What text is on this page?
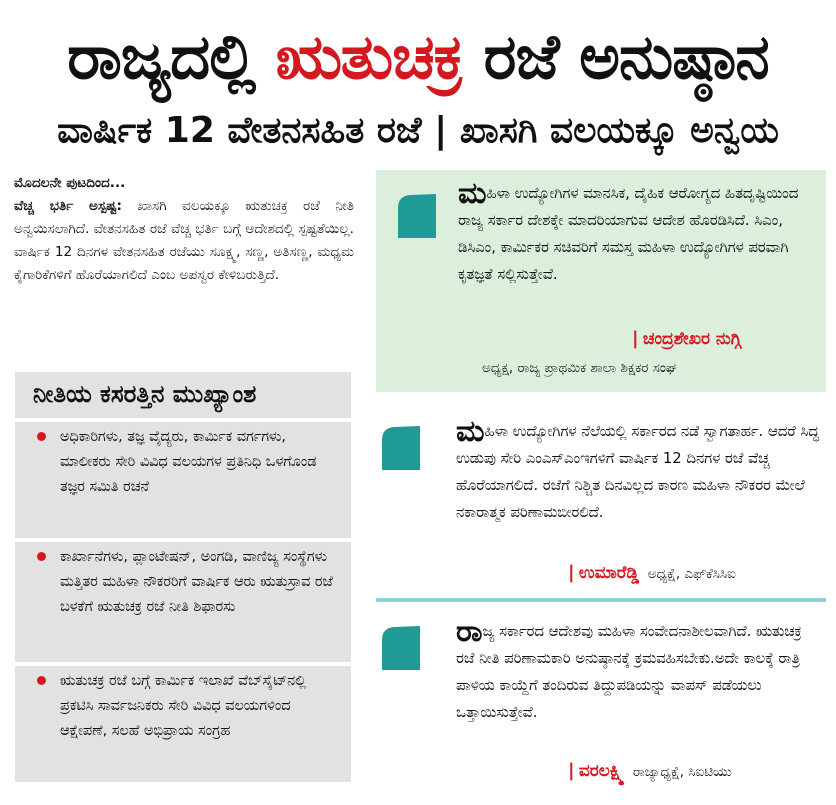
ರಾಜ್ಯದಲ್ಲಿ
ಋತುಚಕ್ರ
ರಜೆ ಅನುಷ್ಠಾನ
ವಾರ್ಷಿಕ 12 ವೇತನಸಹಿತ ರಜೆ | ಖಾಸಗಿ ವಲಯಕ್ಕೂ ಅನ್ವಯ
ಮೊದಲನೇ ಪುಟದಿಂದ...
ವೆಚ್ಚ ಭರ್ತಿ ಅಸ್ಪಷ್ಟ: ಖಾಸಗಿ ವಲಯಕ್ಕೂ ಋತುಚಕ್ರ ರಜೆ ನೀತಿ ಅನ್ವಯಿಸಲಾಗಿದೆ. ವೇತನಸಹಿತ ರಜೆ ವೆಚ್ಚ ಭರ್ತಿ ಬಗ್ಗೆ ಆದೇಶದಲ್ಲಿ ಸ್ಪಷ್ಟತೆಯಿಲ್ಲ. ವಾರ್ಷಿಕ 12 ದಿನಗಳ ವೇತನಸಹಿತ ರಜೆಯು ಸೂಕ್ಷ್ಮ, ಸಣ್ಣ, ಅತಿಸಣ್ಣ, ಮಧ್ಯಮ ಕೈಗಾರಿಕೆಗಳಿಗೆ ಹೊರೆಯಾಗಲಿದೆ ಎಂಬ ಅಪಸ್ವರ ಕೇಳಿಬರುತ್ತಿದೆ.
ನೀತಿಯ ಕಸರತ್ತಿನ ಮುಖ್ಯಾಂಶ
ಅಧಿಕಾರಿಗಳು, ತಜ್ಞ ವೈದ್ಯರು, ಕಾರ್ಮಿಕ ವರ್ಗಗಳು, ಮಾಲೀಕರು ಸೇರಿ ವಿವಿಧ ವಲಯಗಳ ಪ್ರತಿನಿಧಿ ಒಳಗೊಂಡ ತಜ್ಞರ ಸಮಿತಿ ರಚನೆ
ಕಾರ್ಖಾನೆಗಳು, ಪ್ಲಾಂಟೇಷನ್, ಅಂಗಡಿ, ವಾಣಿಜ್ಯ ಸಂಸ್ಥೆಗಳು ಮತ್ತಿತರ ಮಹಿಳಾ ನೌಕರರಿಗೆ ವಾರ್ಷಿಕ ಆರು ಋತುಸ್ರಾವ ರಜೆ ಬಳಕೆಗೆ ಋತುಚಕ್ರ ರಜೆ ನೀತಿ ಶಿಫಾರಸು
ಋತುಚಕ್ರ ರಜೆ ಬಗ್ಗೆ ಕಾರ್ಮಿಕ ಇಲಾಖೆ ವೆಬ್‌ಸೈಟ್‌ನಲ್ಲಿ ಪ್ರಕಟಿಸಿ ಸಾರ್ವಜನಿಕರು ಸೇರಿ ವಿವಿಧ ವಲಯಗಳಿಂದ ಆಕ್ಷೇಪಣೆ, ಸಲಹೆ ಅಭಿಪ್ರಾಯ ಸಂಗ್ರಹ
ಮಹಿಳಾ ಉದ್ಯೋಗಿಗಳ ಮಾನಸಿಕ, ದೈಹಿಕ ಆರೋಗ್ಯದ ಹಿತದೃಷ್ಟಿಯಿಂದ ರಾಜ್ಯ ಸರ್ಕಾರ ದೇಶಕ್ಕೇ ಮಾದರಿಯಾಗುವ ಆದೇಶ ಹೊರಡಿಸಿದೆ. ಸಿಎಂ, ಡಿಸಿಎಂ, ಕಾರ್ಮಿಕರ ಸಚಿವರಿಗೆ ಸಮಸ್ತ ಮಹಿಳಾ ಉದ್ಯೋಗಿಗಳ ಪರವಾಗಿ ಕೃತಜ್ಞತೆ ಸಲ್ಲಿಸುತ್ತೇವೆ.
| ಚಂದ್ರಶೇಖರ ನುಗ್ಗಿ
ಅಧ್ಯಕ್ಷ, ರಾಜ್ಯ ಪ್ರಾಥಮಿಕ ಶಾಲಾ ಶಿಕ್ಷಕರ ಸಂಘ
ಮಹಿಳಾ ಉದ್ಯೋಗಿಗಳ ನೆಲೆಯಲ್ಲಿ ಸರ್ಕಾರದ ನಡೆ ಸ್ವಾಗತಾರ್ಹ. ಆದರೆ ಸಿದ್ಧ ಉಡುಪು ಸೇರಿ ಎಂಎಸ್‌ಎಂಇಗಳಿಗೆ ವಾರ್ಷಿಕ 12 ದಿನಗಳ ರಜೆ ವೆಚ್ಚ ಹೊರೆಯಾಗಲಿದೆ. ರಜೆಗೆ ನಿಶ್ಚಿತ ದಿನವಿಲ್ಲದ ಕಾರಣ ಮಹಿಳಾ ನೌಕರರ ಮೇಲೆ ನಕಾರಾತ್ಮಕ ಪರಿಣಾಮಬೀರಲಿದೆ.
| ಉಮಾರೆಡ್ಡಿ ಅಧ್ಯಕ್ಷೆ, ಎಫ್‌ಕೆಸಿಸಿಐ
ರಾಜ್ಯ ಸರ್ಕಾರದ ಆದೇಶವು ಮಹಿಳಾ ಸಂವೇದನಾಶೀಲವಾಗಿದೆ. ಋತುಚಕ್ರ ರಜೆ ನೀತಿ ಪರಿಣಾಮಕಾರಿ ಅನುಷ್ಠಾನಕ್ಕೆ ಕ್ರಮವಹಿಸಬೇಕು.ಅದೇ ಕಾಲಕ್ಕೆ ರಾತ್ರಿ ಪಾಳಿಯ ಕಾಯ್ದೆಗೆ ತಂದಿರುವ ತಿದ್ದುಪಡಿಯನ್ನು ವಾಪಸ್ ಪಡೆಯಲು ಒತ್ತಾಯಿಸುತ್ತೇವೆ.
| ವರಲಕ್ಷ್ಮಿ ರಾಜ್ಯಾಧ್ಯಕ್ಷೆ, ಸಿಐಟಿಯು
